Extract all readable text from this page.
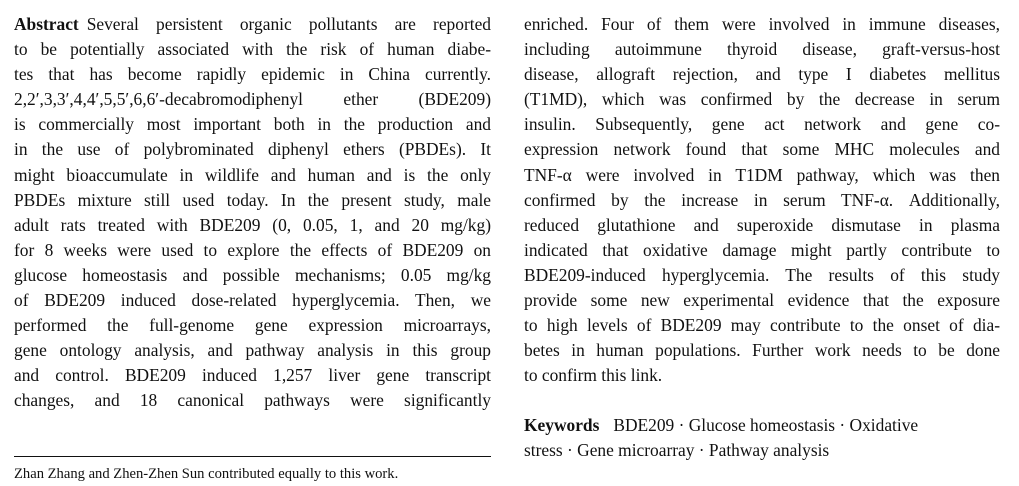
Abstract Several persistent organic pollutants are reported
to be potentially associated with the risk of human diabe-
tes that has become rapidly epidemic in China currently.
2,2′,3,3′,4,4′,5,5′,6,6′-decabromodiphenyl ether (BDE209)
is commercially most important both in the production and
in the use of polybrominated diphenyl ethers (PBDEs). It
might bioaccumulate in wildlife and human and is the only
PBDEs mixture still used today. In the present study, male
adult rats treated with BDE209 (0, 0.05, 1, and 20 mg/kg)
for 8 weeks were used to explore the effects of BDE209 on
glucose homeostasis and possible mechanisms; 0.05 mg/kg
of BDE209 induced dose-related hyperglycemia. Then, we
performed the full-genome gene expression microarrays,
gene ontology analysis, and pathway analysis in this group
and control. BDE209 induced 1,257 liver gene transcript
changes, and 18 canonical pathways were significantly
enriched. Four of them were involved in immune diseases,
including autoimmune thyroid disease, graft-versus-host
disease, allograft rejection, and type I diabetes mellitus
(T1MD), which was confirmed by the decrease in serum
insulin. Subsequently, gene act network and gene co-
expression network found that some MHC molecules and
TNF-α were involved in T1DM pathway, which was then
confirmed by the increase in serum TNF-α. Additionally,
reduced glutathione and superoxide dismutase in plasma
indicated that oxidative damage might partly contribute to
BDE209-induced hyperglycemia. The results of this study
provide some new experimental evidence that the exposure
to high levels of BDE209 may contribute to the onset of dia-
betes in human populations. Further work needs to be done
to confirm this link.
Keywords BDE209 · Glucose homeostasis · Oxidative
stress · Gene microarray · Pathway analysis
Zhan Zhang and Zhen-Zhen Sun contributed equally to this work.
